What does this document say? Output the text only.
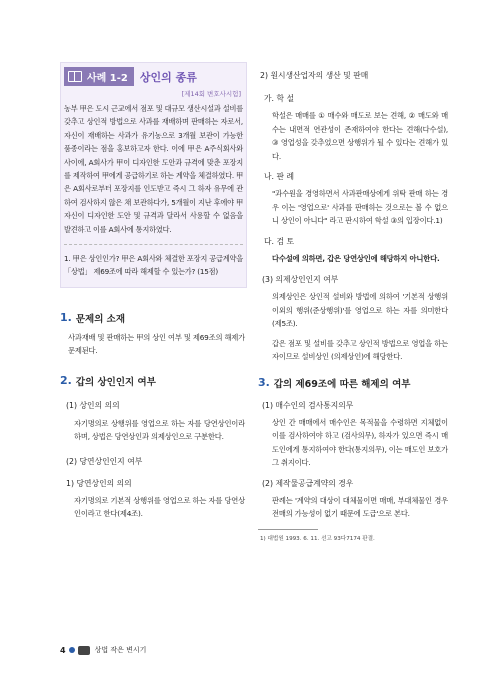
사례 1-2 상인의 종류
[제14회 변호사시험]

농부 甲은 도시 근교에서 점포 및 대규모 생산시설과 설비를 갖추고 상인적 방법으로 사과를 재배하며 판매하는 자로서, 자신이 재배하는 사과가 유기농으로 3개월 보관이 가능한 품종이라는 점을 홍보하고자 한다. 이에 甲은 A주식회사와 사이에, A회사가 甲이 디자인한 도안과 규격에 맞춘 포장지를 제작하여 甲에게 공급하기로 하는 계약을 체결하였다. 甲은 A회사로부터 포장지를 인도받고 즉시 그 하자 유무에 관하여 검사하지 않은 채 보관하다가, 5개월이 지난 후에야 甲 자신이 디자인한 도안 및 규격과 달라서 사용할 수 없음을 발견하고 이를 A회사에 통지하였다.

1. 甲은 상인인가? 甲은 A회사와 체결한 포장지 공급계약을 「상법」 제69조에 따라 해제할 수 있는가? (15점)

1. 문제의 소재

사과재배 및 판매하는 甲의 상인 여부 및 제69조의 해제가 문제된다.

2. 갑의 상인인지 여부

(1) 상인의 의의

자기명의로 상행위를 영업으로 하는 자를 당연상인이라 하며, 상법은 당연상인과 의제상인으로 구분한다.

(2) 당연상인인지 여부

1) 당연상인의 의의

자기명의로 기본적 상행위를 영업으로 하는 자를 당연상인이라고 한다(제4조).

2) 원시생산업자의 생산 및 판매

가. 학 설

학설은 매매를 ① 매수와 매도로 보는 견해, ② 매도와 매수는 내면적 연관성이 존재하여야 한다는 견해(다수설), ③ 영업성을 갖추었으면 상행위가 될 수 있다는 견해가 있다.

나. 판 례

"과수원을 경영하면서 사과판매상에게 위탁 판매 하는 경우 이는 '영업으로' 사과를 판매하는 것으로는 볼 수 없으니 상인이 아니다" 라고 판시하여 학설 ③의 입장이다.1)

다. 검 토

다수설에 의하면, 갑은 당연상인에 해당하지 아니한다.

(3) 의제상인인지 여부

의제상인은 상인적 설비와 방법에 의하여 '기본적 상행위 이외의 행위(준상행위)'를 영업으로 하는 자를 의미한다(제5조).

갑은 점포 및 설비를 갖추고 상인적 방법으로 영업을 하는 자이므로 설비상인 (의제상인)에 해당한다.

3. 갑의 제69조에 따른 해제의 여부

(1) 매수인의 검사통지의무

상인 간 매매에서 매수인은 목적물을 수령하면 지체없이 이를 검사하여야 하고 (검사의무), 하자가 있으면 즉시 매도인에게 통지하여야 한다(통지의무), 이는 매도인 보호가 그 취지이다.

(2) 제작물공급계약의 경우

판례는 '계약의 대상이 대체물이면 매매, 부대체물인 경우 전매의 가능성이 없기 때문에 도급'으로 본다.

1) 대법원 1993. 6. 11. 선고 93다7174 판결.

4	상법 작은 변시기
